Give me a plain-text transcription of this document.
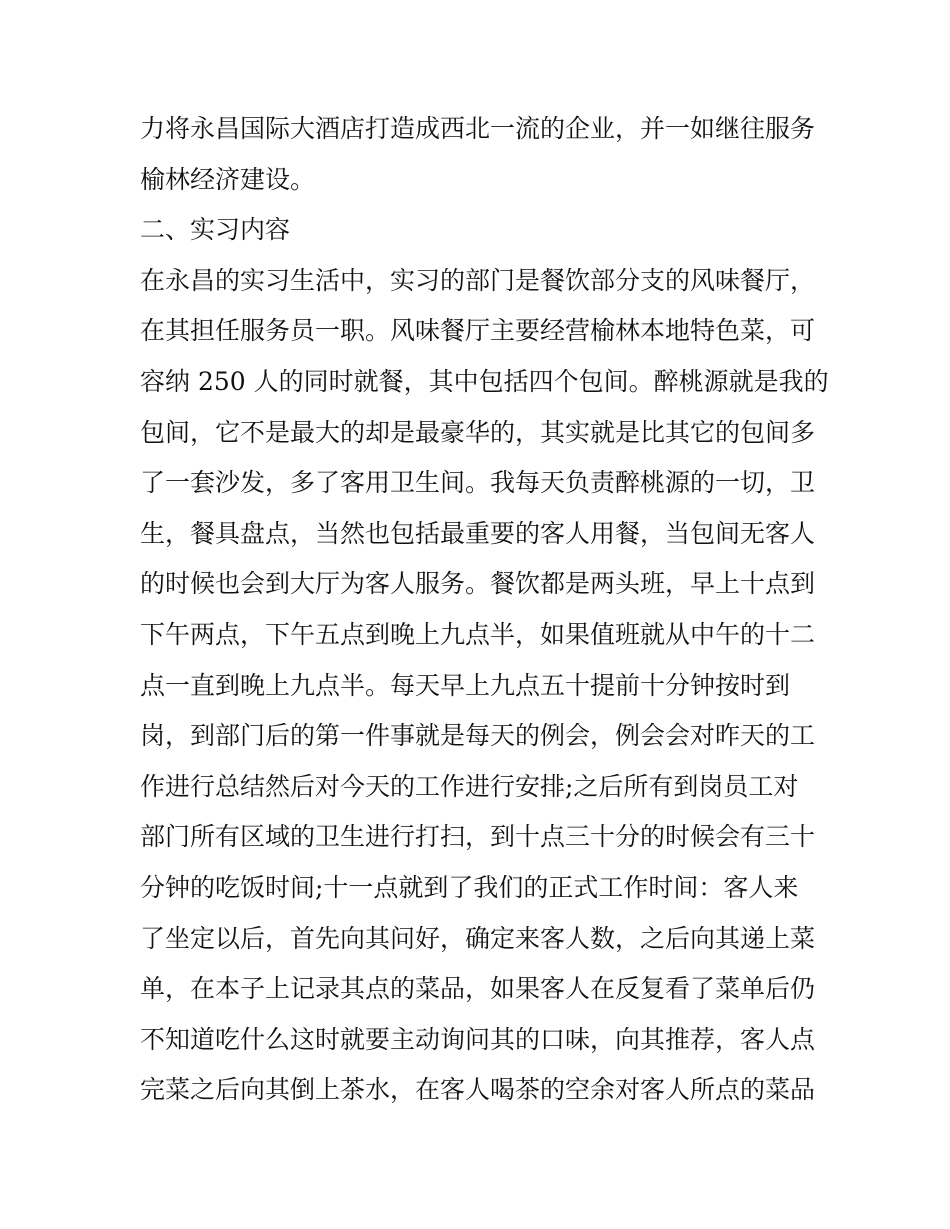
力将永昌国际大酒店打造成西北一流的企业，并一如继往服务
榆林经济建设。
二、实习内容
在永昌的实习生活中，实习的部门是餐饮部分支的风味餐厅，
在其担任服务员一职。风味餐厅主要经营榆林本地特色菜，可
容纳 250 人的同时就餐，其中包括四个包间。醉桃源就是我的
包间，它不是最大的却是最豪华的，其实就是比其它的包间多
了一套沙发，多了客用卫生间。我每天负责醉桃源的一切，卫
生，餐具盘点，当然也包括最重要的客人用餐，当包间无客人
的时候也会到大厅为客人服务。餐饮都是两头班，早上十点到
下午两点，下午五点到晚上九点半，如果值班就从中午的十二
点一直到晚上九点半。每天早上九点五十提前十分钟按时到
岗，到部门后的第一件事就是每天的例会，例会会对昨天的工
作进行总结然后对今天的工作进行安排;之后所有到岗员工对
部门所有区域的卫生进行打扫，到十点三十分的时候会有三十
分钟的吃饭时间;十一点就到了我们的正式工作时间：客人来
了坐定以后，首先向其问好，确定来客人数，之后向其递上菜
单，在本子上记录其点的菜品，如果客人在反复看了菜单后仍
不知道吃什么这时就要主动询问其的口味，向其推荐，客人点
完菜之后向其倒上茶水，在客人喝茶的空余对客人所点的菜品
